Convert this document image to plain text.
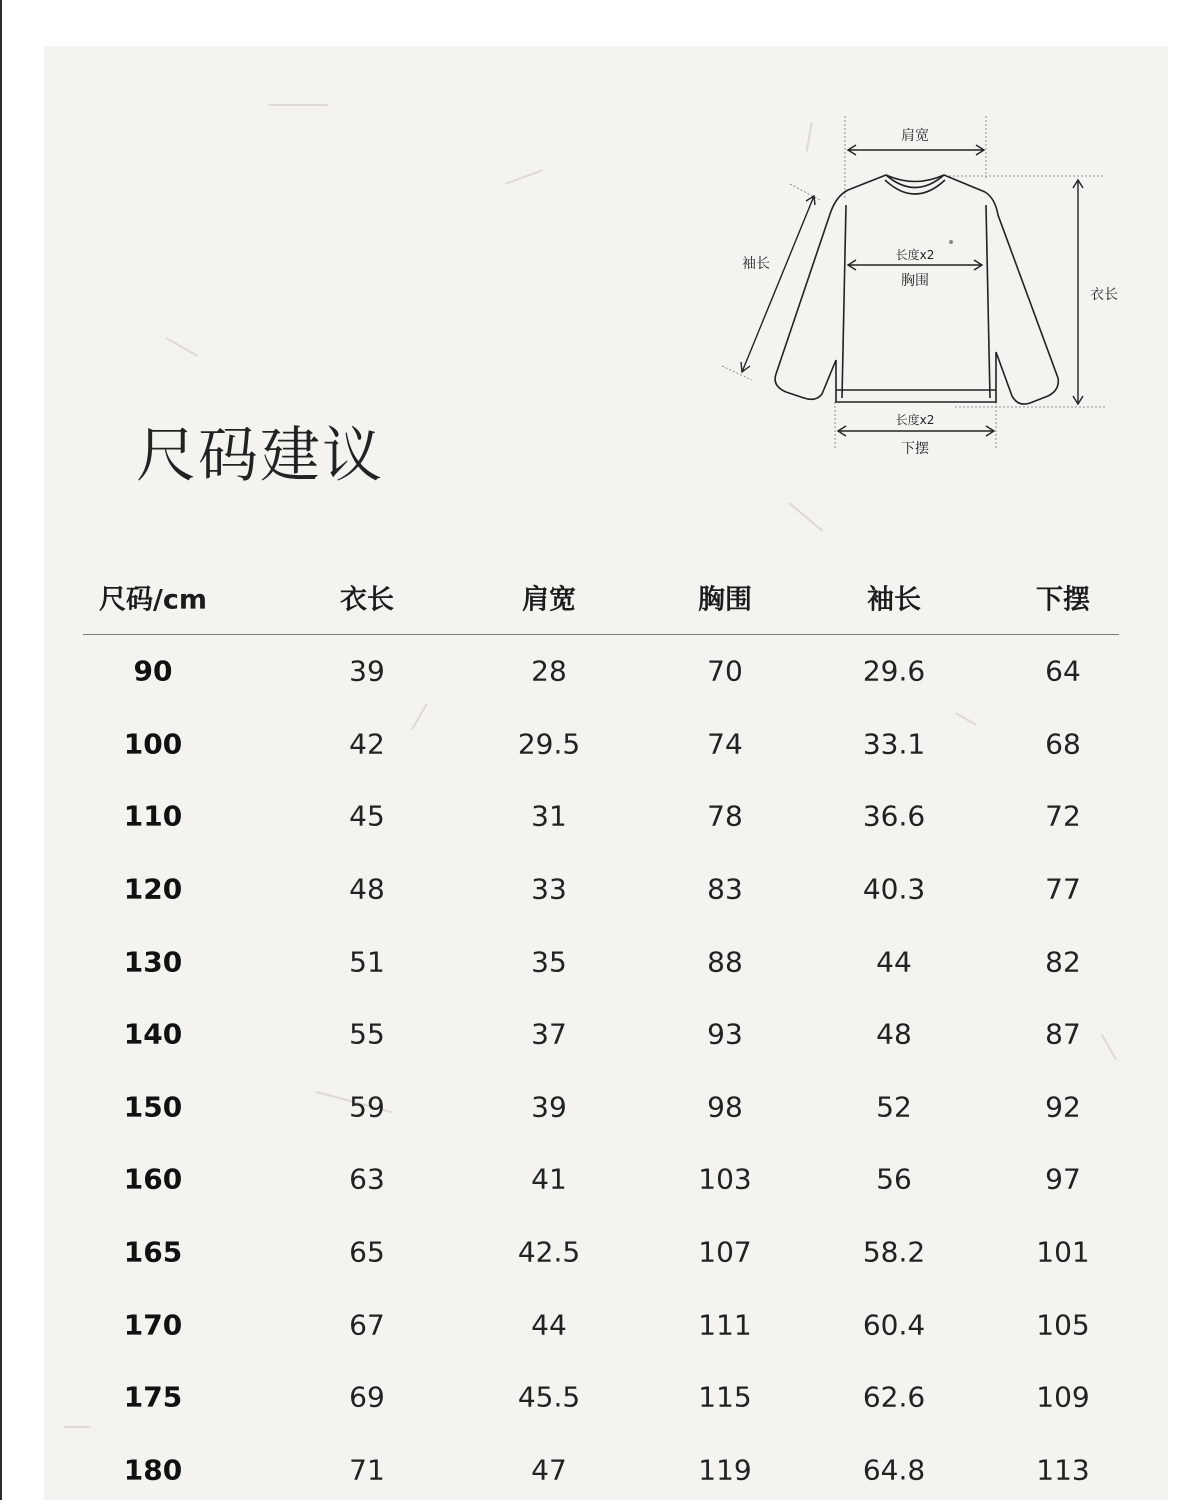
尺码建议
肩宽
袖长
长度x2
胸围
衣长
长度x2
下摆
尺码/cm	衣长	肩宽	胸围	袖长	下摆
90	39	28	70	29.6	64
100	42	29.5	74	33.1	68
110	45	31	78	36.6	72
120	48	33	83	40.3	77
130	51	35	88	44	82
140	55	37	93	48	87
150	59	39	98	52	92
160	63	41	103	56	97
165	65	42.5	107	58.2	101
170	67	44	111	60.4	105
175	69	45.5	115	62.6	109
180	71	47	119	64.8	113
